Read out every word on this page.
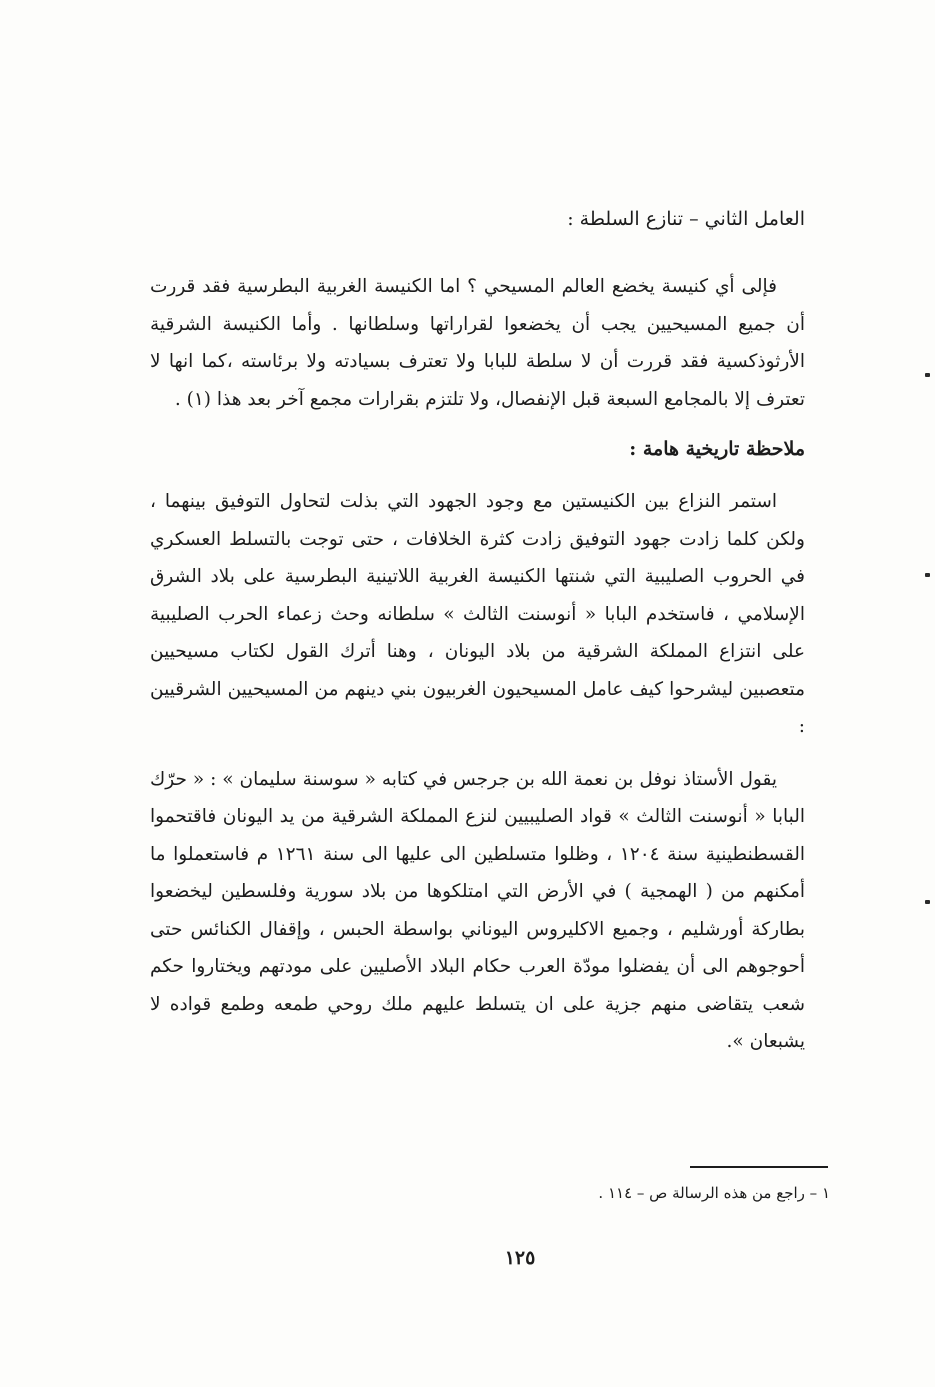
العامل الثاني – تنازع السلطة :

فإلى أي كنيسة يخضع العالم المسيحي ؟ اما الكنيسة الغربية البطرسية فقد قررت أن جميع المسيحيين يجب أن يخضعوا لقراراتها وسلطانها . وأما الكنيسة الشرقية الأرثوذكسية فقد قررت أن لا سلطة للبابا ولا تعترف بسيادته ولا برئاسته ،كما انها لا تعترف إلا بالمجامع السبعة قبل الإنفصال، ولا تلتزم بقرارات مجمع آخر بعد هذا (١) .

ملاحظة تاريخية هامة :

استمر النزاع بين الكنيستين مع وجود الجهود التي بذلت لتحاول التوفيق بينهما ، ولكن كلما زادت جهود التوفيق زادت كثرة الخلافات ، حتى توجت بالتسلط العسكري في الحروب الصليبية التي شنتها الكنيسة الغربية اللاتينية البطرسية على بلاد الشرق الإسلامي ، فاستخدم البابا « أنوسنت الثالث » سلطانه وحث زعماء الحرب الصليبية على انتزاع المملكة الشرقية من بلاد اليونان ، وهنا أترك القول لكتاب مسيحيين متعصبين ليشرحوا كيف عامل المسيحيون الغربيون بني دينهم من المسيحيين الشرقيين :

يقول الأستاذ نوفل بن نعمة الله بن جرجس في كتابه « سوسنة سليمان » : « حرّك البابا « أنوسنت الثالث » قواد الصليبيين لنزع المملكة الشرقية من يد اليونان فاقتحموا القسطنطينية سنة ١٢٠٤ ، وظلوا متسلطين الى عليها الى سنة ١٢٦١ م فاستعملوا ما أمكنهم من ( الهمجية ) في الأرض التي امتلكوها من بلاد سورية وفلسطين ليخضعوا بطاركة أورشليم ، وجميع الاكليروس اليوناني بواسطة الحبس ، وإقفال الكنائس حتى أحوجوهم الى أن يفضلوا مودّة العرب حكام البلاد الأصليين على مودتهم ويختاروا حكم شعب يتقاضى منهم جزية على ان يتسلط عليهم ملك روحي طمعه وطمع قواده لا يشبعان ».

١ – راجع من هذه الرسالة ص – ١١٤ .
١٢٥
